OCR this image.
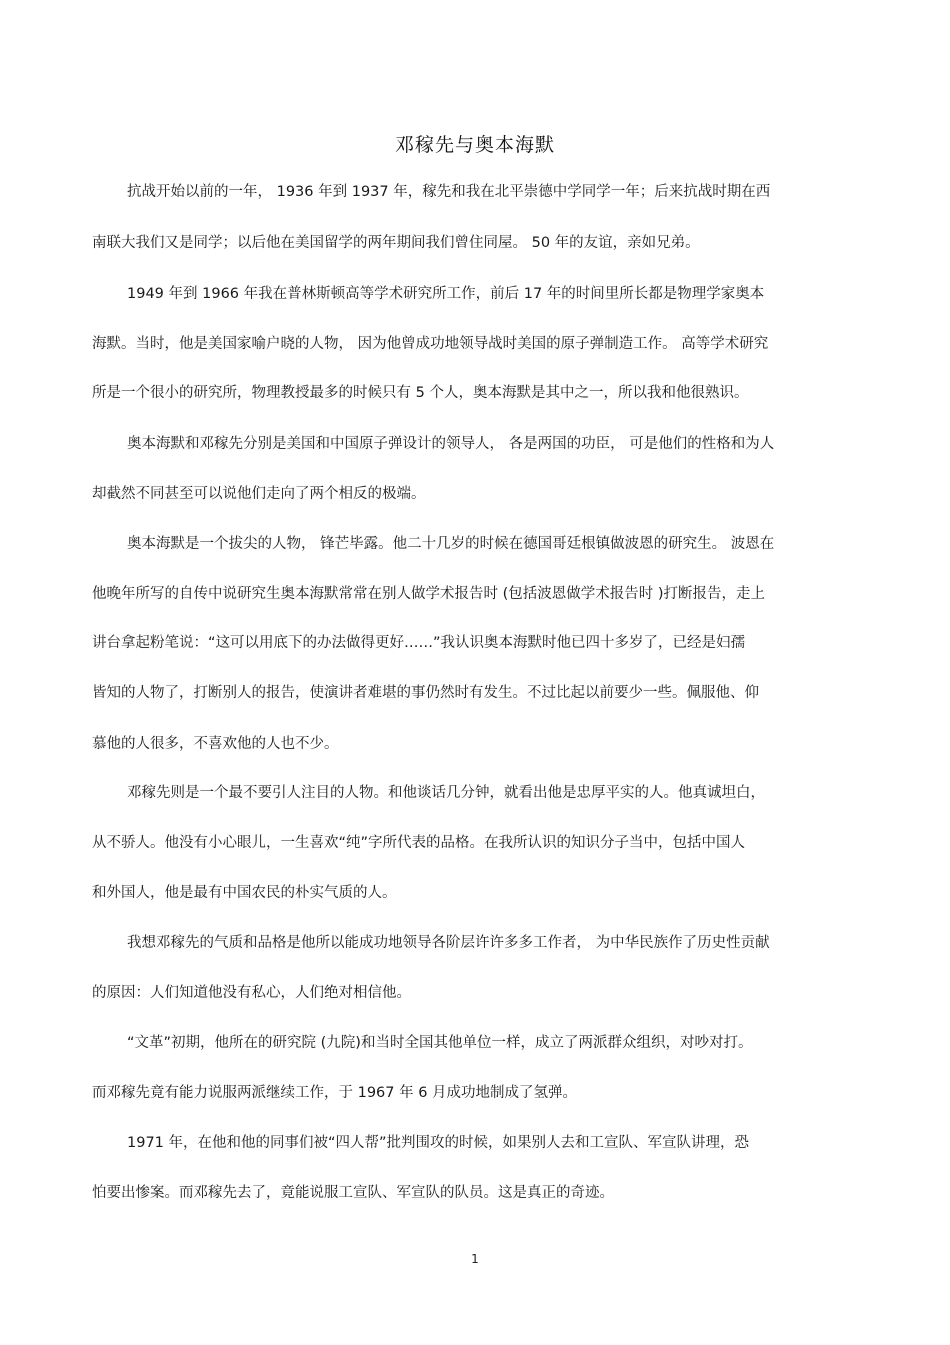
邓稼先与奥本海默
抗战开始以前的一年， 1936 年到 1937 年，稼先和我在北平崇德中学同学一年；后来抗战时期在西
南联大我们又是同学；以后他在美国留学的两年期间我们曾住同屋。 50 年的友谊，亲如兄弟。
1949 年到 1966 年我在普林斯顿高等学术研究所工作，前后 17 年的时间里所长都是物理学家奥本
海默。当时，他是美国家喻户晓的人物， 因为他曾成功地领导战时美国的原子弹制造工作。 高等学术研究
所是一个很小的研究所，物理教授最多的时候只有 5 个人，奥本海默是其中之一，所以我和他很熟识。
奥本海默和邓稼先分别是美国和中国原子弹设计的领导人， 各是两国的功臣， 可是他们的性格和为人
却截然不同甚至可以说他们走向了两个相反的极端。
奥本海默是一个拔尖的人物， 锋芒毕露。他二十几岁的时候在德国哥廷根镇做波恩的研究生。 波恩在
他晚年所写的自传中说研究生奥本海默常常在别人做学术报告时 (包括波恩做学术报告时 )打断报告，走上
讲台拿起粉笔说：“这可以用底下的办法做得更好……”我认识奥本海默时他已四十多岁了，已经是妇孺
皆知的人物了，打断别人的报告，使演讲者难堪的事仍然时有发生。不过比起以前要少一些。佩服他、仰
慕他的人很多，不喜欢他的人也不少。
邓稼先则是一个最不要引人注目的人物。和他谈话几分钟，就看出他是忠厚平实的人。他真诚坦白，
从不骄人。他没有小心眼儿，一生喜欢“纯”字所代表的品格。在我所认识的知识分子当中，包括中国人
和外国人，他是最有中国农民的朴实气质的人。
我想邓稼先的气质和品格是他所以能成功地领导各阶层许许多多工作者， 为中华民族作了历史性贡献
的原因：人们知道他没有私心，人们绝对相信他。
“文革”初期，他所在的研究院 (九院)和当时全国其他单位一样，成立了两派群众组织，对吵对打。
而邓稼先竟有能力说服两派继续工作，于 1967 年 6 月成功地制成了氢弹。
1971 年，在他和他的同事们被“四人帮”批判围攻的时候，如果别人去和工宣队、军宣队讲理，恐
怕要出惨案。而邓稼先去了，竟能说服工宣队、军宣队的队员。这是真正的奇迹。
1
